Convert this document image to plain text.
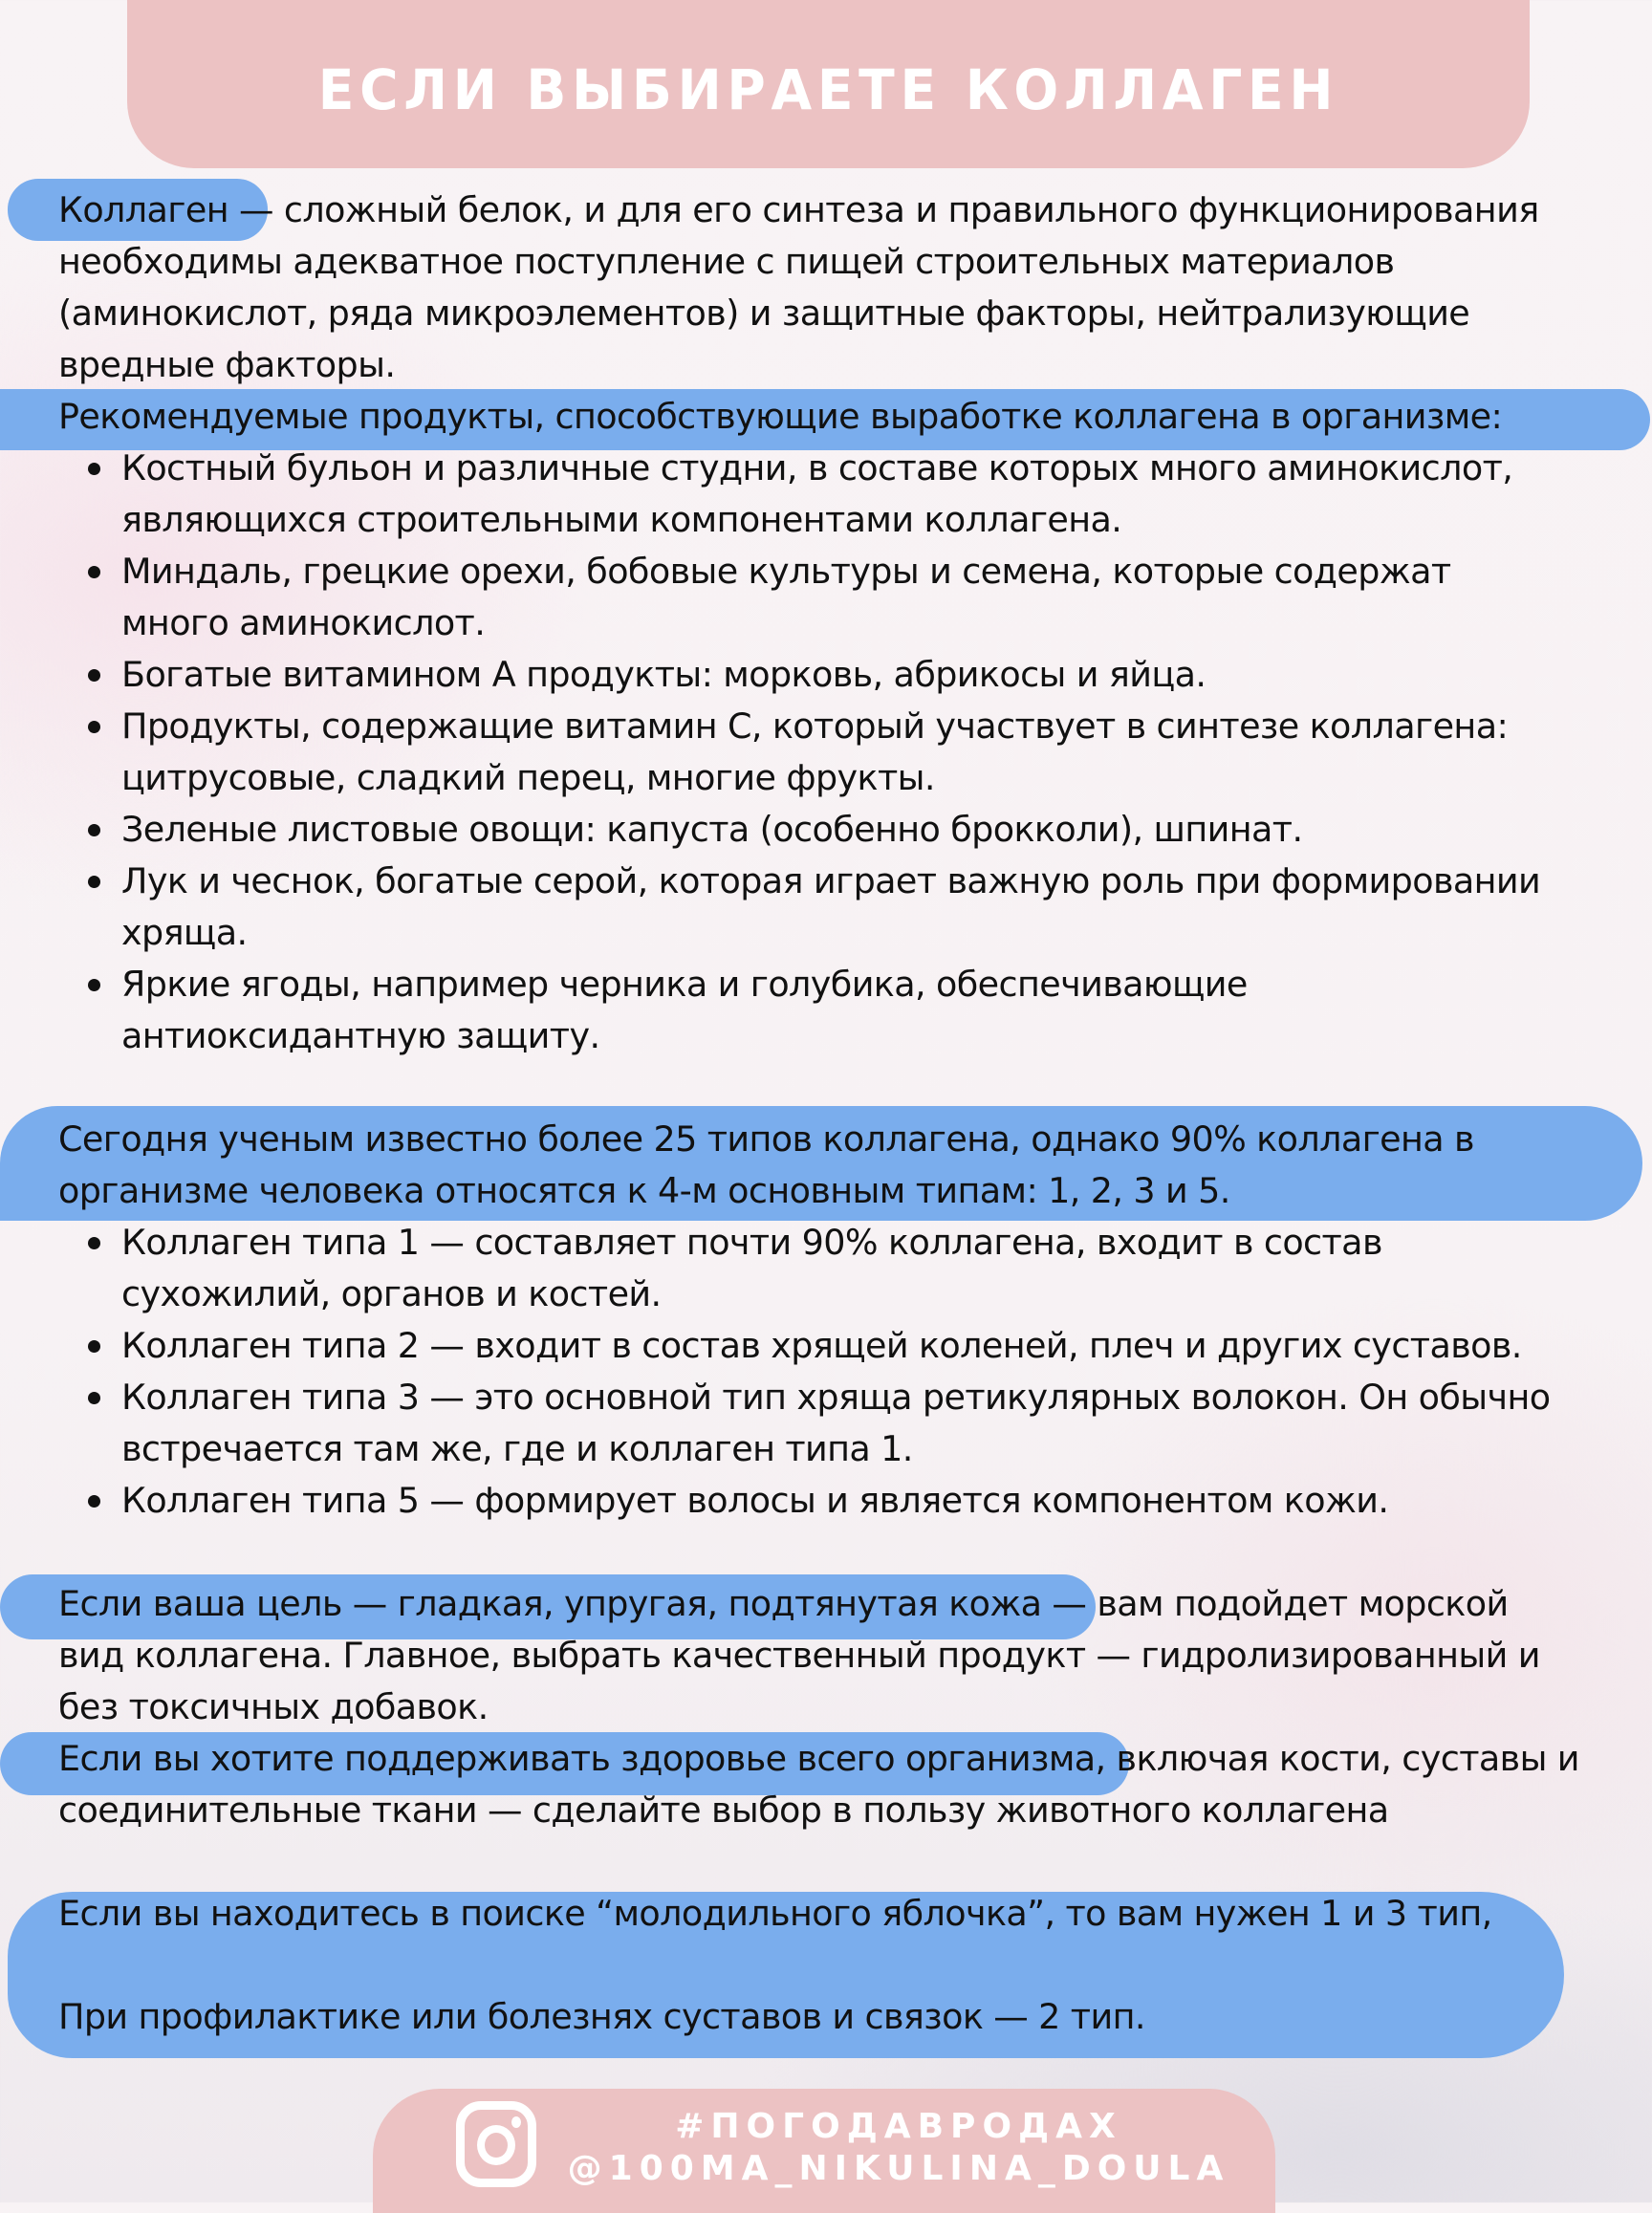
ЕСЛИ ВЫБИРАЕТЕ КОЛЛАГЕН
Коллаген — сложный белок, и для его синтеза и правильного функционирования
необходимы адекватное поступление с пищей строительных материалов
(аминокислот, ряда микроэлементов) и защитные факторы, нейтрализующие
вредные факторы.
Рекомендуемые продукты, способствующие выработке коллагена в организме:
Костный бульон и различные студни, в составе которых много аминокислот,
являющихся строительными компонентами коллагена.
Миндаль, грецкие орехи, бобовые культуры и семена, которые содержат
много аминокислот.
Богатые витамином А продукты: морковь, абрикосы и яйца.
Продукты, содержащие витамин С, который участвует в синтезе коллагена:
цитрусовые, сладкий перец, многие фрукты.
Зеленые листовые овощи: капуста (особенно брокколи), шпинат.
Лук и чеснок, богатые серой, которая играет важную роль при формировании
хряща.
Яркие ягоды, например черника и голубика, обеспечивающие
антиоксидантную защиту.
Сегодня ученым известно более 25 типов коллагена, однако 90% коллагена в
организме человека относятся к 4-м основным типам: 1, 2, 3 и 5.
Коллаген типа 1 — составляет почти 90% коллагена, входит в состав
сухожилий, органов и костей.
Коллаген типа 2 — входит в состав хрящей коленей, плеч и других суставов.
Коллаген типа 3 — это основной тип хряща ретикулярных волокон. Он обычно
встречается там же, где и коллаген типа 1.
Коллаген типа 5 — формирует волосы и является компонентом кожи.
Если ваша цель — гладкая, упругая, подтянутая кожа — вам подойдет морской
вид коллагена. Главное, выбрать качественный продукт — гидролизированный и
без токсичных добавок.
Если вы хотите поддерживать здоровье всего организма, включая кости, суставы и
соединительные ткани — сделайте выбор в пользу животного коллагена
Если вы находитесь в поиске “молодильного яблочка”, то вам нужен 1 и 3 тип,
При профилактике или болезнях суставов и связок — 2 тип.
#ПОГОДАВРОДАХ
@100MA_NIKULINA_DOULA
